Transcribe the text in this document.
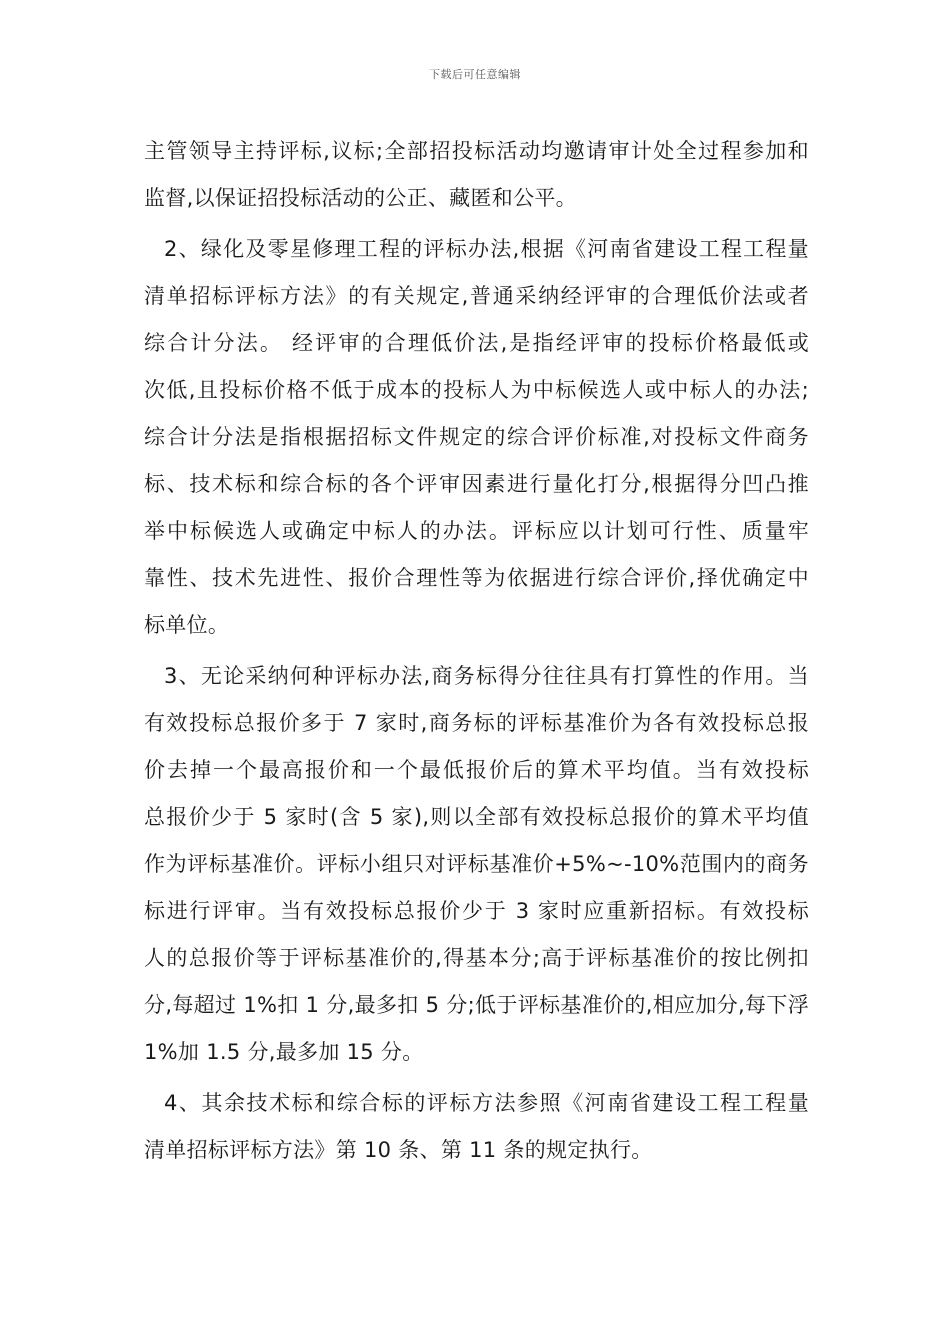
下载后可任意编辑
主管领导主持评标,议标;全部招投标活动均邀请审计处全过程参加和
监督,以保证招投标活动的公正、藏匿和公平。
2、绿化及零星修理工程的评标办法,根据《河南省建设工程工程量
清单招标评标方法》的有关规定,普通采纳经评审的合理低价法或者
综合计分法。 经评审的合理低价法,是指经评审的投标价格最低或
次低,且投标价格不低于成本的投标人为中标候选人或中标人的办法;
综合计分法是指根据招标文件规定的综合评价标准,对投标文件商务
标、技术标和综合标的各个评审因素进行量化打分,根据得分凹凸推
举中标候选人或确定中标人的办法。评标应以计划可行性、质量牢
靠性、技术先进性、报价合理性等为依据进行综合评价,择优确定中
标单位。
3、无论采纳何种评标办法,商务标得分往往具有打算性的作用。当
有效投标总报价多于 7 家时,商务标的评标基准价为各有效投标总报
价去掉一个最高报价和一个最低报价后的算术平均值。当有效投标
总报价少于 5 家时(含 5 家),则以全部有效投标总报价的算术平均值
作为评标基准价。评标小组只对评标基准价+5%~-10%范围内的商务
标进行评审。当有效投标总报价少于 3 家时应重新招标。有效投标
人的总报价等于评标基准价的,得基本分;高于评标基准价的按比例扣
分,每超过 1%扣 1 分,最多扣 5 分;低于评标基准价的,相应加分,每下浮
1%加 1.5 分,最多加 15 分。
4、其余技术标和综合标的评标方法参照《河南省建设工程工程量
清单招标评标方法》第 10 条、第 11 条的规定执行。
